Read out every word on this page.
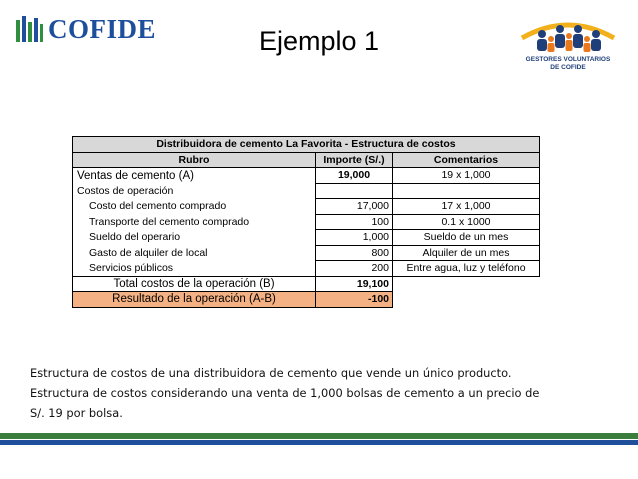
COFIDE	Ejemplo 1
GESTORES VOLUNTARIOS
DE COFIDE
Distribuidora de cemento La Favorita - Estructura de costos		
Rubro	Importe (S/.)	Comentarios
Ventas de cemento (A)	19,000	19 x 1,000
Costos de operación		
Costo del cemento comprado	17,000	17 x 1,000
Transporte del cemento comprado	100	0.1 x 1000
Sueldo del operario	1,000	Sueldo de un mes
Gasto de alquiler de local	800	Alquiler de un mes
Servicios públicos	200	Entre agua, luz y teléfono
Total costos de la operación (B)	19,100	
Resultado de la operación (A-B)	-100	

Estructura de costos de una distribuidora de cemento que vende un único producto.

Estructura de costos considerando una venta de 1,000 bolsas de cemento a un precio de

S/. 19 por bolsa.
